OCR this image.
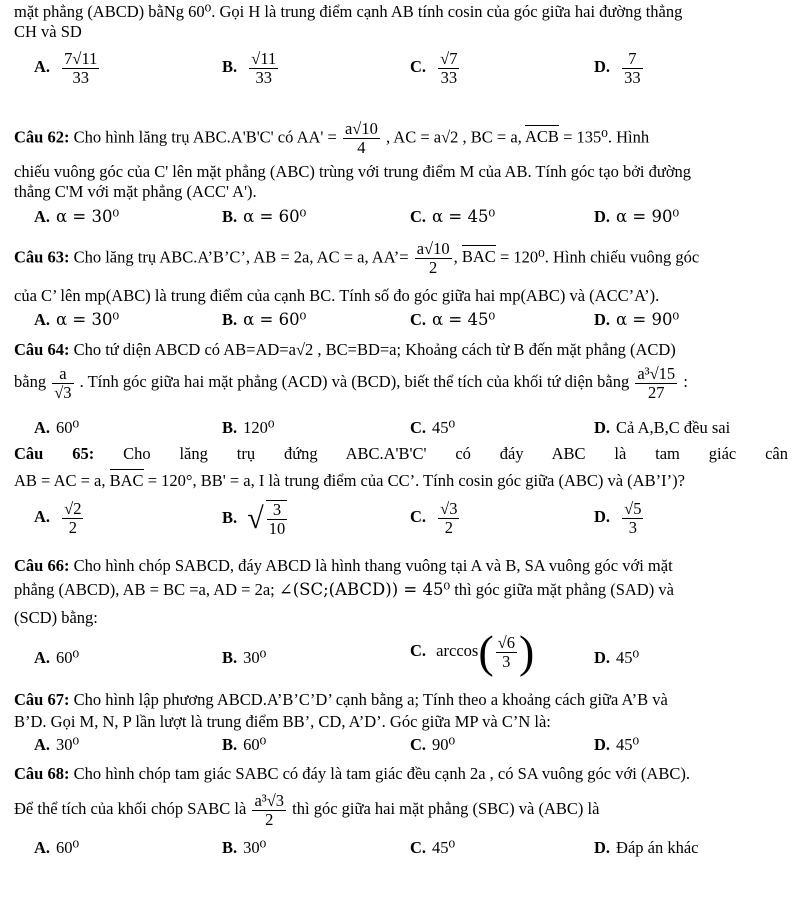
mặt phẳng (ABCD) bằNg 60⁰. Gọi H là trung điểm cạnh AB tính cosin của góc giữa hai đường thẳng
CH và SD
A. $\frac{7√11}{33}$	B. $\frac{√11}{33}$	C. $\frac{√7}{33}$	D. $\frac{7}{33}$
Câu 62: Cho hình lăng trụ ABC.A'B'C' có $AA' = \frac{a√10}{4}$ , AC = a√2 , BC = a, ACB = 135⁰. Hình
chiếu vuông góc của C' lên mặt phẳng (ABC) trùng với trung điểm M của AB. Tính góc tạo bởi đường
thẳng C'M với mặt phẳng (ACC' A').
A. α = 30⁰	B. α = 60⁰	C. α = 45⁰	D. α = 90⁰
Câu 63: Cho lăng trụ ABC.A’B’C’, AB = 2a, AC = a, AA’= $\frac{a√10}{2}$ , BAC = 120⁰. Hình chiếu vuông góc
của C’ lên mp(ABC) là trung điểm của cạnh BC. Tính số đo góc giữa hai mp(ABC) và (ACC’A’).
A. α = 30⁰	B. α = 60⁰	C. α = 45⁰	D. α = 90⁰
Câu 64: Cho tứ diện ABCD có AB=AD=a√2 , BC=BD=a; Khoảng cách từ B đến mặt phẳng (ACD)
bằng $\frac{a}{√3}$ . Tính góc giữa hai mặt phẳng (ACD) và (BCD), biết thể tích của khối tứ diện bằng $\frac{\text{a³√15}}{27}$ :
A. 60⁰	B. 120⁰	C. 45⁰	D. Cả A,B,C đều sai
Câu 65: Cho lăng trụ đứng ABC.A'B'C' có đáy ABC là tam giác cân
AB = AC = a, BAC = 120°, BB' = a, I là trung điểm của CC’. Tính cosin góc giữa (ABC) và (AB’I’)?
A. $\frac{√2}{2}$	B. √ $\frac{3}{10}$	C. $\frac{√3}{2}$	D. $\frac{√5}{3}$
Câu 66: Cho hình chóp SABCD, đáy ABCD là hình thang vuông tại A và B, SA vuông góc với mặt
phẳng (ABCD), AB = BC =a, AD = 2a; ∠(SC;(ABCD)) = 45⁰ thì góc giữa mặt phẳng (SAD) và
(SCD) bằng:
A. 60⁰	B. 30⁰	C. $\arccos( \frac{√6}{3}$ )	D. 45⁰
Câu 67: Cho hình lập phương ABCD.A’B’C’D’ cạnh bằng a; Tính theo a khoảng cách giữa A’B và
B’D. Gọi M, N, P lần lượt là trung điểm BB’, CD, A’D’. Góc giữa MP và C’N là:
A. 30⁰	B. 60⁰	C. 90⁰	D. 45⁰
Câu 68: Cho hình chóp tam giác SABC có đáy là tam giác đều cạnh 2a , có SA vuông góc với (ABC).
Để thể tích của khối chóp SABC là $\frac{\text{a³√3}}{2}$ thì góc giữa hai mặt phẳng (SBC) và (ABC) là
A. 60⁰	B. 30⁰	C. 45⁰	D. Đáp án khác
